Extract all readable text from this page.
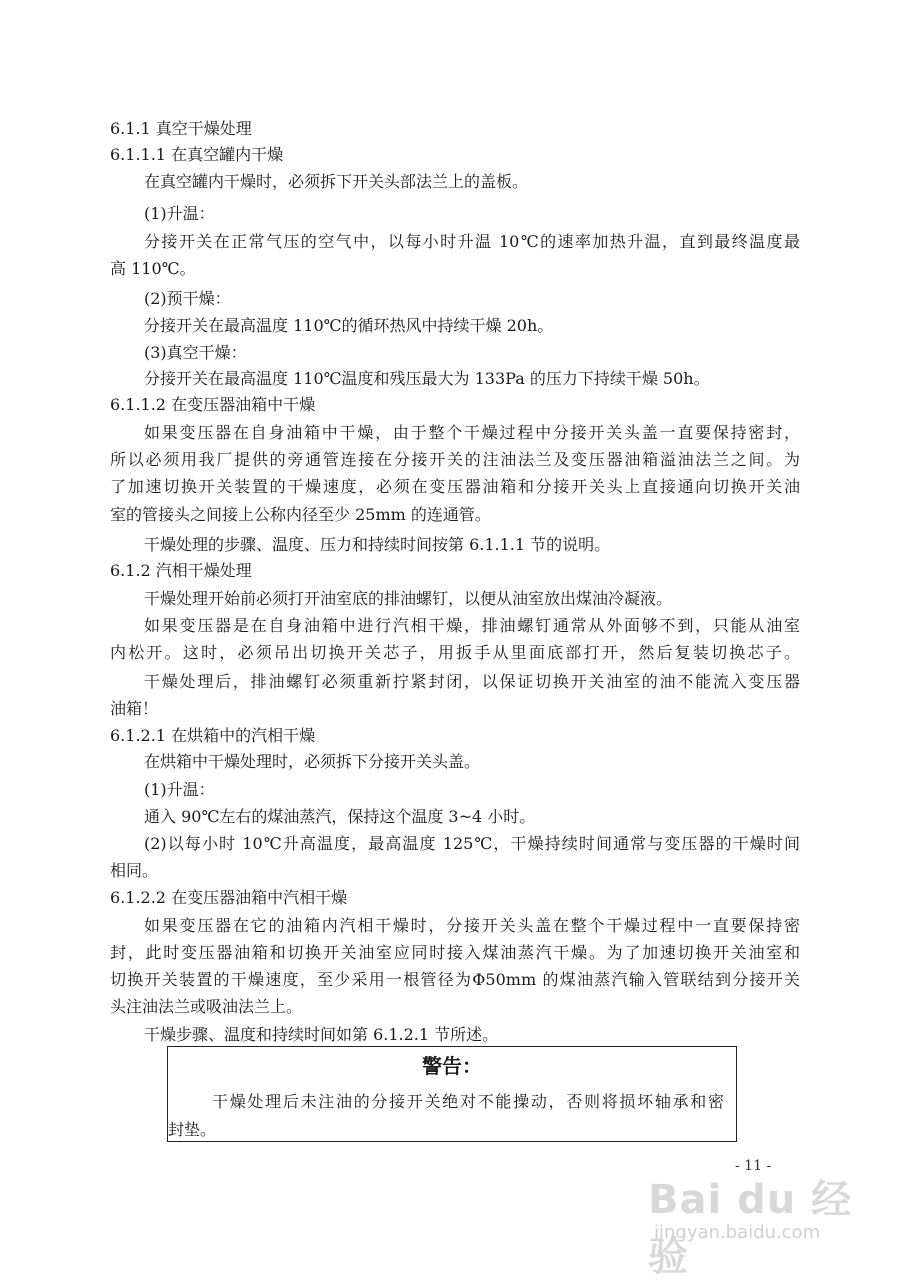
6.1.1 真空干燥处理
6.1.1.1 在真空罐内干燥
在真空罐内干燥时，必须拆下开关头部法兰上的盖板。
(1)升温：
分接开关在正常气压的空气中，以每小时升温 10℃的速率加热升温，直到最终温度最
高 110℃。
(2)预干燥：
分接开关在最高温度 110℃的循环热风中持续干燥 20h。
(3)真空干燥：
分接开关在最高温度 110℃温度和残压最大为 133Pa 的压力下持续干燥 50h。
6.1.1.2 在变压器油箱中干燥
如果变压器在自身油箱中干燥，由于整个干燥过程中分接开关头盖一直要保持密封，
所以必须用我厂提供的旁通管连接在分接开关的注油法兰及变压器油箱溢油法兰之间。为
了加速切换开关装置的干燥速度，必须在变压器油箱和分接开关头上直接通向切换开关油
室的管接头之间接上公称内径至少 25mm 的连通管。
干燥处理的步骤、温度、压力和持续时间按第 6.1.1.1 节的说明。
6.1.2 汽相干燥处理
干燥处理开始前必须打开油室底的排油螺钉，以便从油室放出煤油冷凝液。
如果变压器是在自身油箱中进行汽相干燥，排油螺钉通常从外面够不到，只能从油室
内松开。这时，必须吊出切换开关芯子，用扳手从里面底部打开，然后复装切换芯子。
干燥处理后，排油螺钉必须重新拧紧封闭，以保证切换开关油室的油不能流入变压器
油箱！
6.1.2.1 在烘箱中的汽相干燥
在烘箱中干燥处理时，必须拆下分接开关头盖。
(1)升温：
通入 90℃左右的煤油蒸汽，保持这个温度 3~4 小时。
(2)以每小时 10℃升高温度，最高温度 125℃，干燥持续时间通常与变压器的干燥时间
相同。
6.1.2.2 在变压器油箱中汽相干燥
如果变压器在它的油箱内汽相干燥时，分接开关头盖在整个干燥过程中一直要保持密
封，此时变压器油箱和切换开关油室应同时接入煤油蒸汽干燥。为了加速切换开关油室和
切换开关装置的干燥速度，至少采用一根管径为Φ50mm 的煤油蒸汽输入管联结到分接开关
头注油法兰或吸油法兰上。
干燥步骤、温度和持续时间如第 6.1.2.1 节所述。
警告：
干燥处理后未注油的分接开关绝对不能操动，否则将损坏轴承和密
封垫。
- 11 -
Bai du 经验
jingyan.baidu.com
